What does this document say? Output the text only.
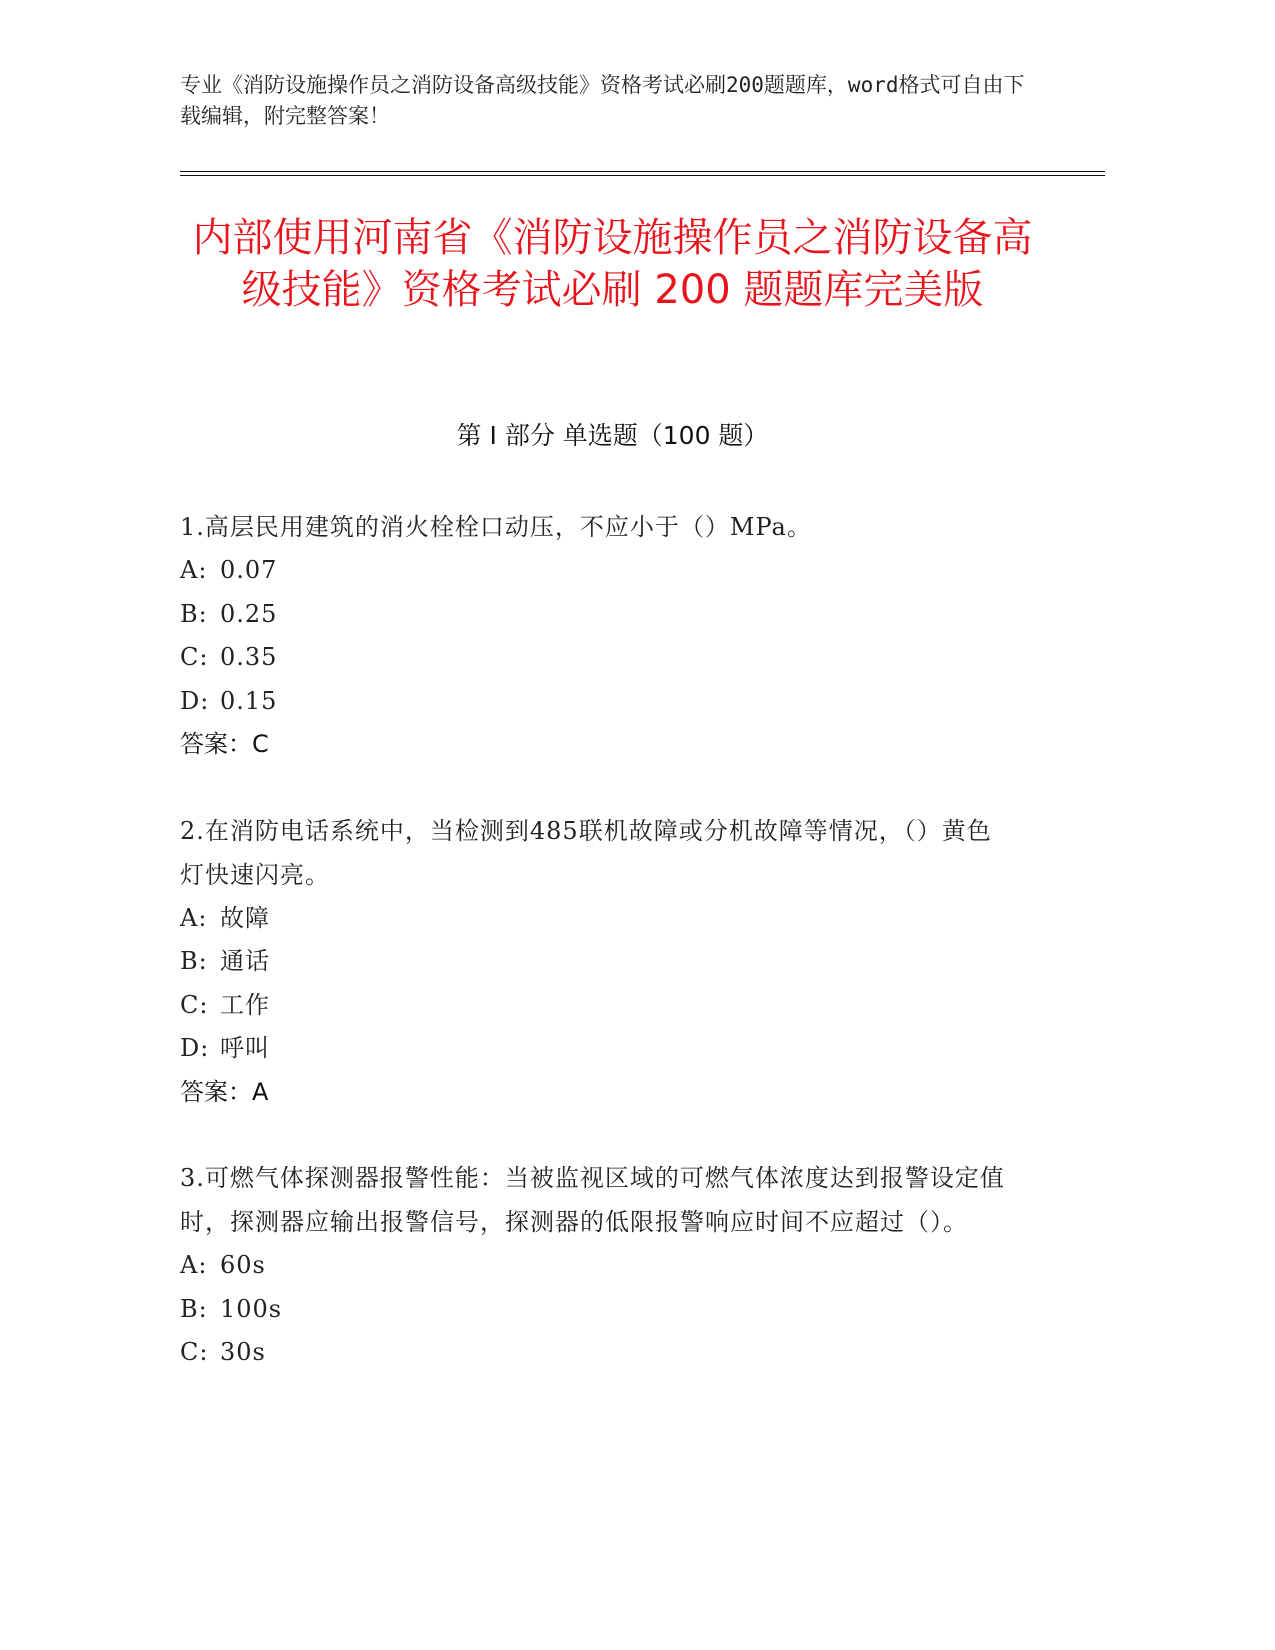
专业《消防设施操作员之消防设备高级技能》资格考试必刷200题题库，word格式可自由下载编辑，附完整答案！
内部使用河南省《消防设施操作员之消防设备高级技能》资格考试必刷 200 题题库完美版
第 I 部分 单选题（100 题）
1.高层民用建筑的消火栓栓口动压，不应小于（）MPa。
A: 0.07
B: 0.25
C: 0.35
D: 0.15
答案：C
2.在消防电话系统中，当检测到485联机故障或分机故障等情况，（）黄色灯快速闪亮。
A: 故障
B: 通话
C: 工作
D: 呼叫
答案：A
3.可燃气体探测器报警性能：当被监视区域的可燃气体浓度达到报警设定值时，探测器应输出报警信号，探测器的低限报警响应时间不应超过（）。
A: 60s
B: 100s
C: 30s
